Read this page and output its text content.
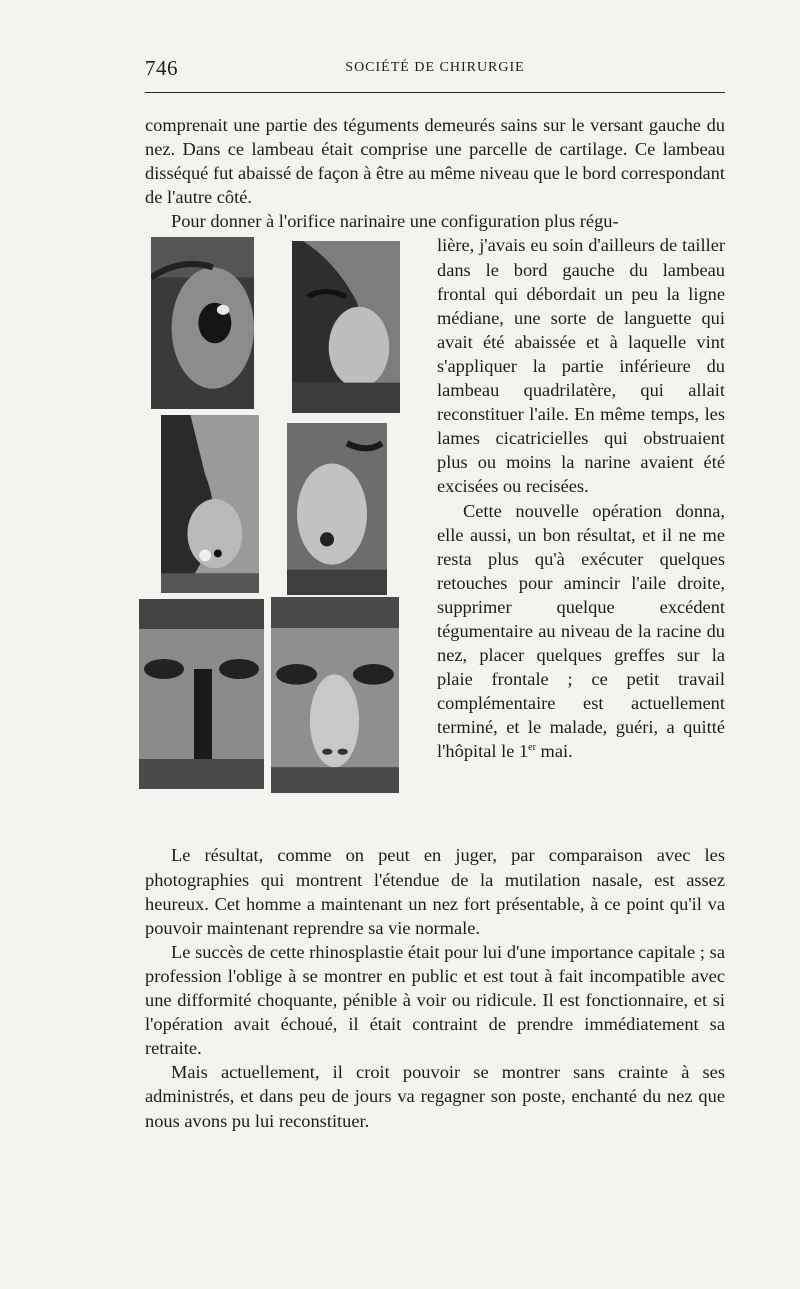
746	SOCIÉTÉ DE CHIRURGIE

comprenait une partie des téguments demeurés sains sur le versant gauche du nez. Dans ce lambeau était comprise une parcelle de cartilage. Ce lambeau disséqué fut abaissé de façon à être au même niveau que le bord correspondant de l'autre côté.

Pour donner à l'orifice narinaire une configuration plus régu-

lière, j'avais eu soin d'ailleurs de tailler dans le bord gauche du lambeau frontal qui débordait un peu la ligne médiane, une sorte de languette qui avait été abaissée et à laquelle vint s'appliquer la partie inférieure du lambeau quadrilatère, qui allait reconstituer l'aile. En même temps, les lames cicatricielles qui obstruaient plus ou moins la narine avaient été excisées ou recisées.

Cette nouvelle opération donna, elle aussi, un bon résultat, et il ne me resta plus qu'à exécuter quelques retouches pour amincir l'aile droite, supprimer quelque excédent tégumentaire au niveau de la racine du nez, placer quelques greffes sur la plaie frontale ; ce petit travail complémentaire est actuellement terminé, et le malade, guéri, a quitté l'hôpital le 1er mai.

Le résultat, comme on peut en juger, par comparaison avec les photographies qui montrent l'étendue de la mutilation nasale, est assez heureux. Cet homme a maintenant un nez fort présentable, à ce point qu'il va pouvoir maintenant reprendre sa vie normale.

Le succès de cette rhinosplastie était pour lui d'une importance capitale ; sa profession l'oblige à se montrer en public et est tout à fait incompatible avec une difformité choquante, pénible à voir ou ridicule. Il est fonctionnaire, et si l'opération avait échoué, il était contraint de prendre immédiatement sa retraite.

Mais actuellement, il croit pouvoir se montrer sans crainte à ses administrés, et dans peu de jours va regagner son poste, enchanté du nez que nous avons pu lui reconstituer.
